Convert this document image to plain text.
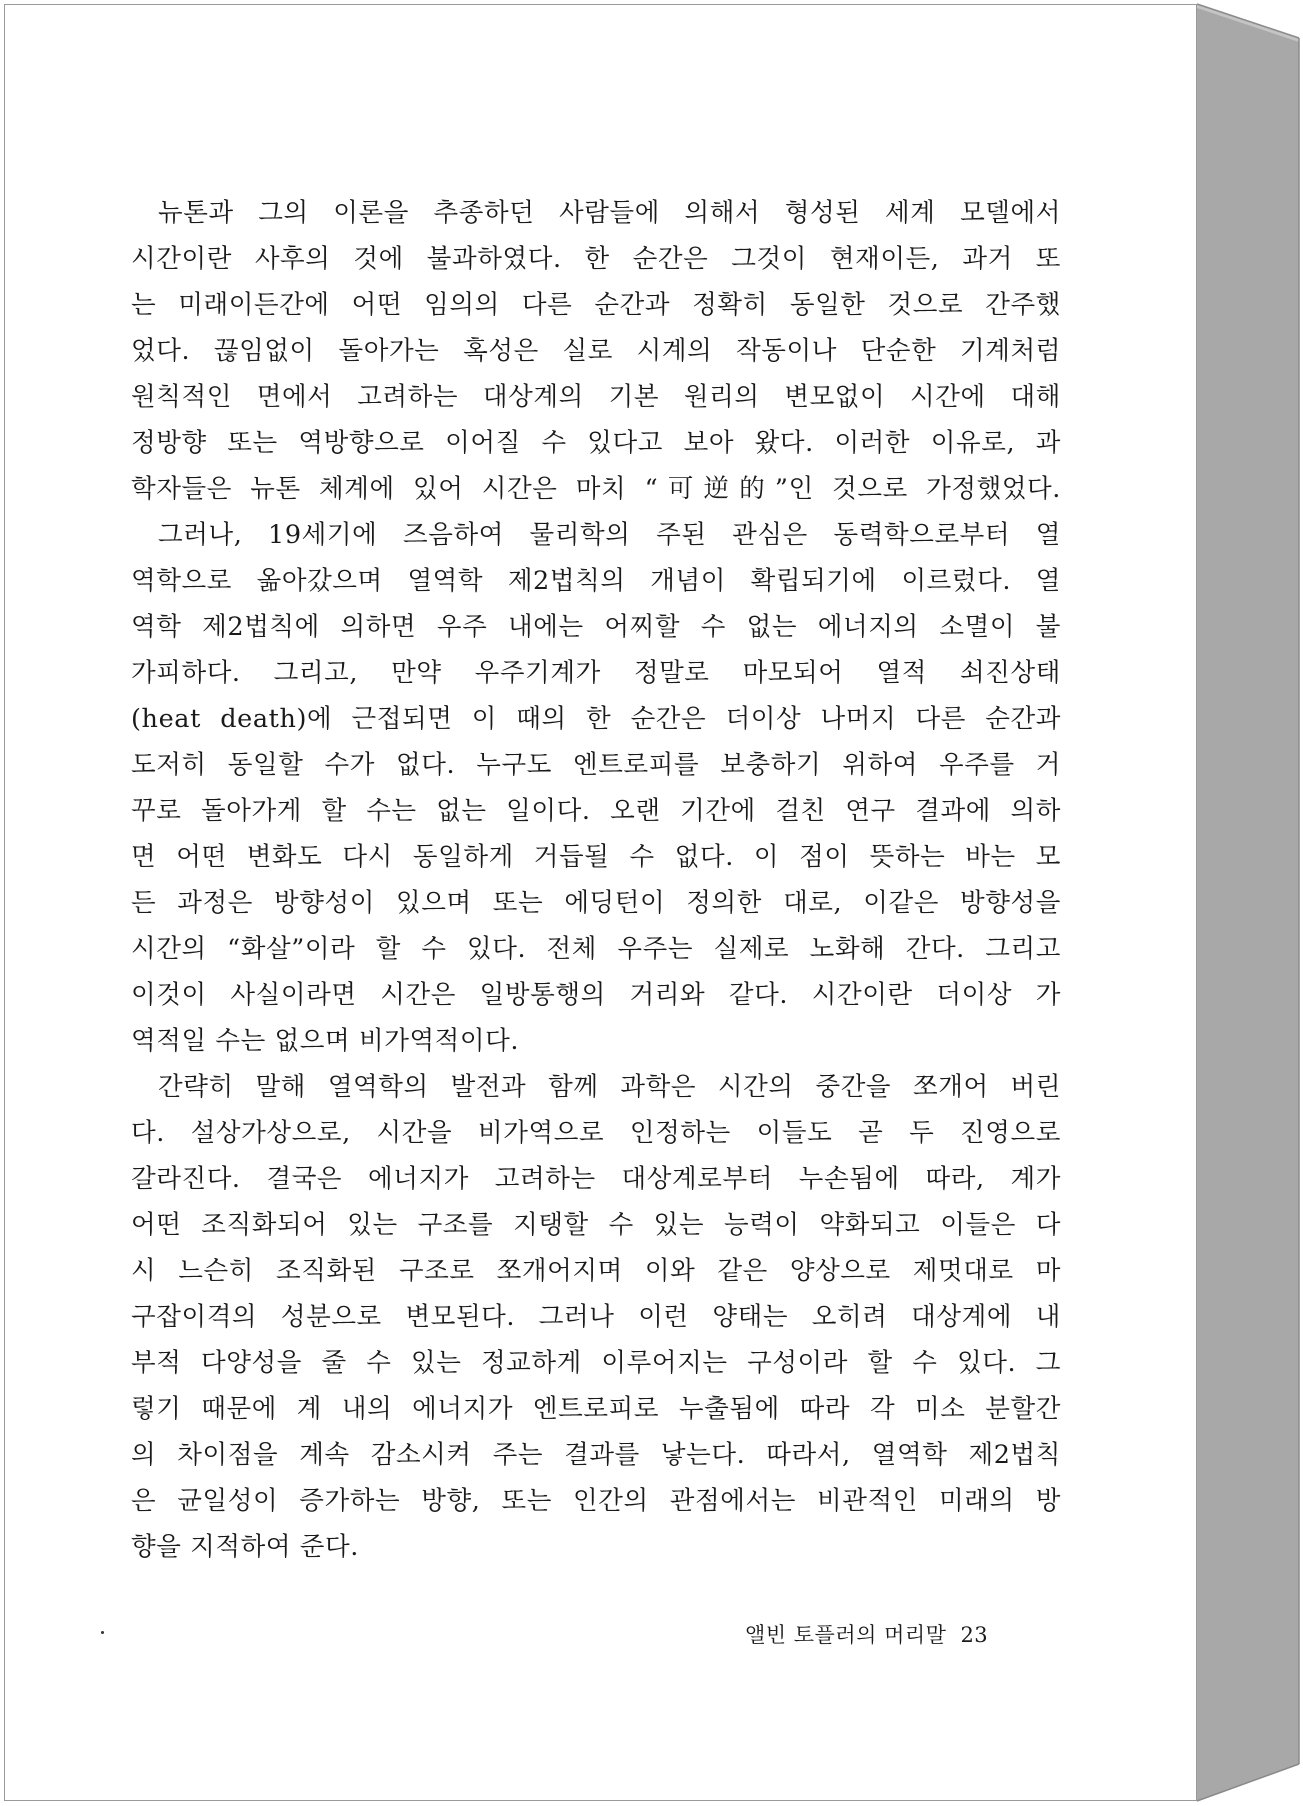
뉴톤과 그의 이론을 추종하던 사람들에 의해서 형성된 세계 모델에서
시간이란 사후의 것에 불과하였다. 한 순간은 그것이 현재이든, 과거 또
는 미래이든간에 어떤 임의의 다른 순간과 정확히 동일한 것으로 간주했
었다. 끊임없이 돌아가는 혹성은 실로 시계의 작동이나 단순한 기계처럼
원칙적인 면에서 고려하는 대상계의 기본 원리의 변모없이 시간에 대해
정방향 또는 역방향으로 이어질 수 있다고 보아 왔다. 이러한 이유로, 과
학자들은 뉴톤 체계에 있어 시간은 마치 “可逆的”인 것으로 가정했었다.
그러나, 19세기에 즈음하여 물리학의 주된 관심은 동력학으로부터 열
역학으로 옮아갔으며 열역학 제2법칙의 개념이 확립되기에 이르렀다. 열
역학 제2법칙에 의하면 우주 내에는 어찌할 수 없는 에너지의 소멸이 불
가피하다. 그리고, 만약 우주기계가 정말로 마모되어 열적 쇠진상태
(heat death)에 근접되면 이 때의 한 순간은 더이상 나머지 다른 순간과
도저히 동일할 수가 없다. 누구도 엔트로피를 보충하기 위하여 우주를 거
꾸로 돌아가게 할 수는 없는 일이다. 오랜 기간에 걸친 연구 결과에 의하
면 어떤 변화도 다시 동일하게 거듭될 수 없다. 이 점이 뜻하는 바는 모
든 과정은 방향성이 있으며 또는 에딩턴이 정의한 대로, 이같은 방향성을
시간의 “화살”이라 할 수 있다. 전체 우주는 실제로 노화해 간다. 그리고
이것이 사실이라면 시간은 일방통행의 거리와 같다. 시간이란 더이상 가
역적일 수는 없으며 비가역적이다.
간략히 말해 열역학의 발전과 함께 과학은 시간의 중간을 쪼개어 버린
다. 설상가상으로, 시간을 비가역으로 인정하는 이들도 곧 두 진영으로
갈라진다. 결국은 에너지가 고려하는 대상계로부터 누손됨에 따라, 계가
어떤 조직화되어 있는 구조를 지탱할 수 있는 능력이 약화되고 이들은 다
시 느슨히 조직화된 구조로 쪼개어지며 이와 같은 양상으로 제멋대로 마
구잡이격의 성분으로 변모된다. 그러나 이런 양태는 오히려 대상계에 내
부적 다양성을 줄 수 있는 정교하게 이루어지는 구성이라 할 수 있다. 그
렇기 때문에 계 내의 에너지가 엔트로피로 누출됨에 따라 각 미소 분할간
의 차이점을 계속 감소시켜 주는 결과를 낳는다. 따라서, 열역학 제2법칙
은 균일성이 증가하는 방향, 또는 인간의 관점에서는 비관적인 미래의 방
향을 지적하여 준다.
앨빈 토플러의 머리말 23
